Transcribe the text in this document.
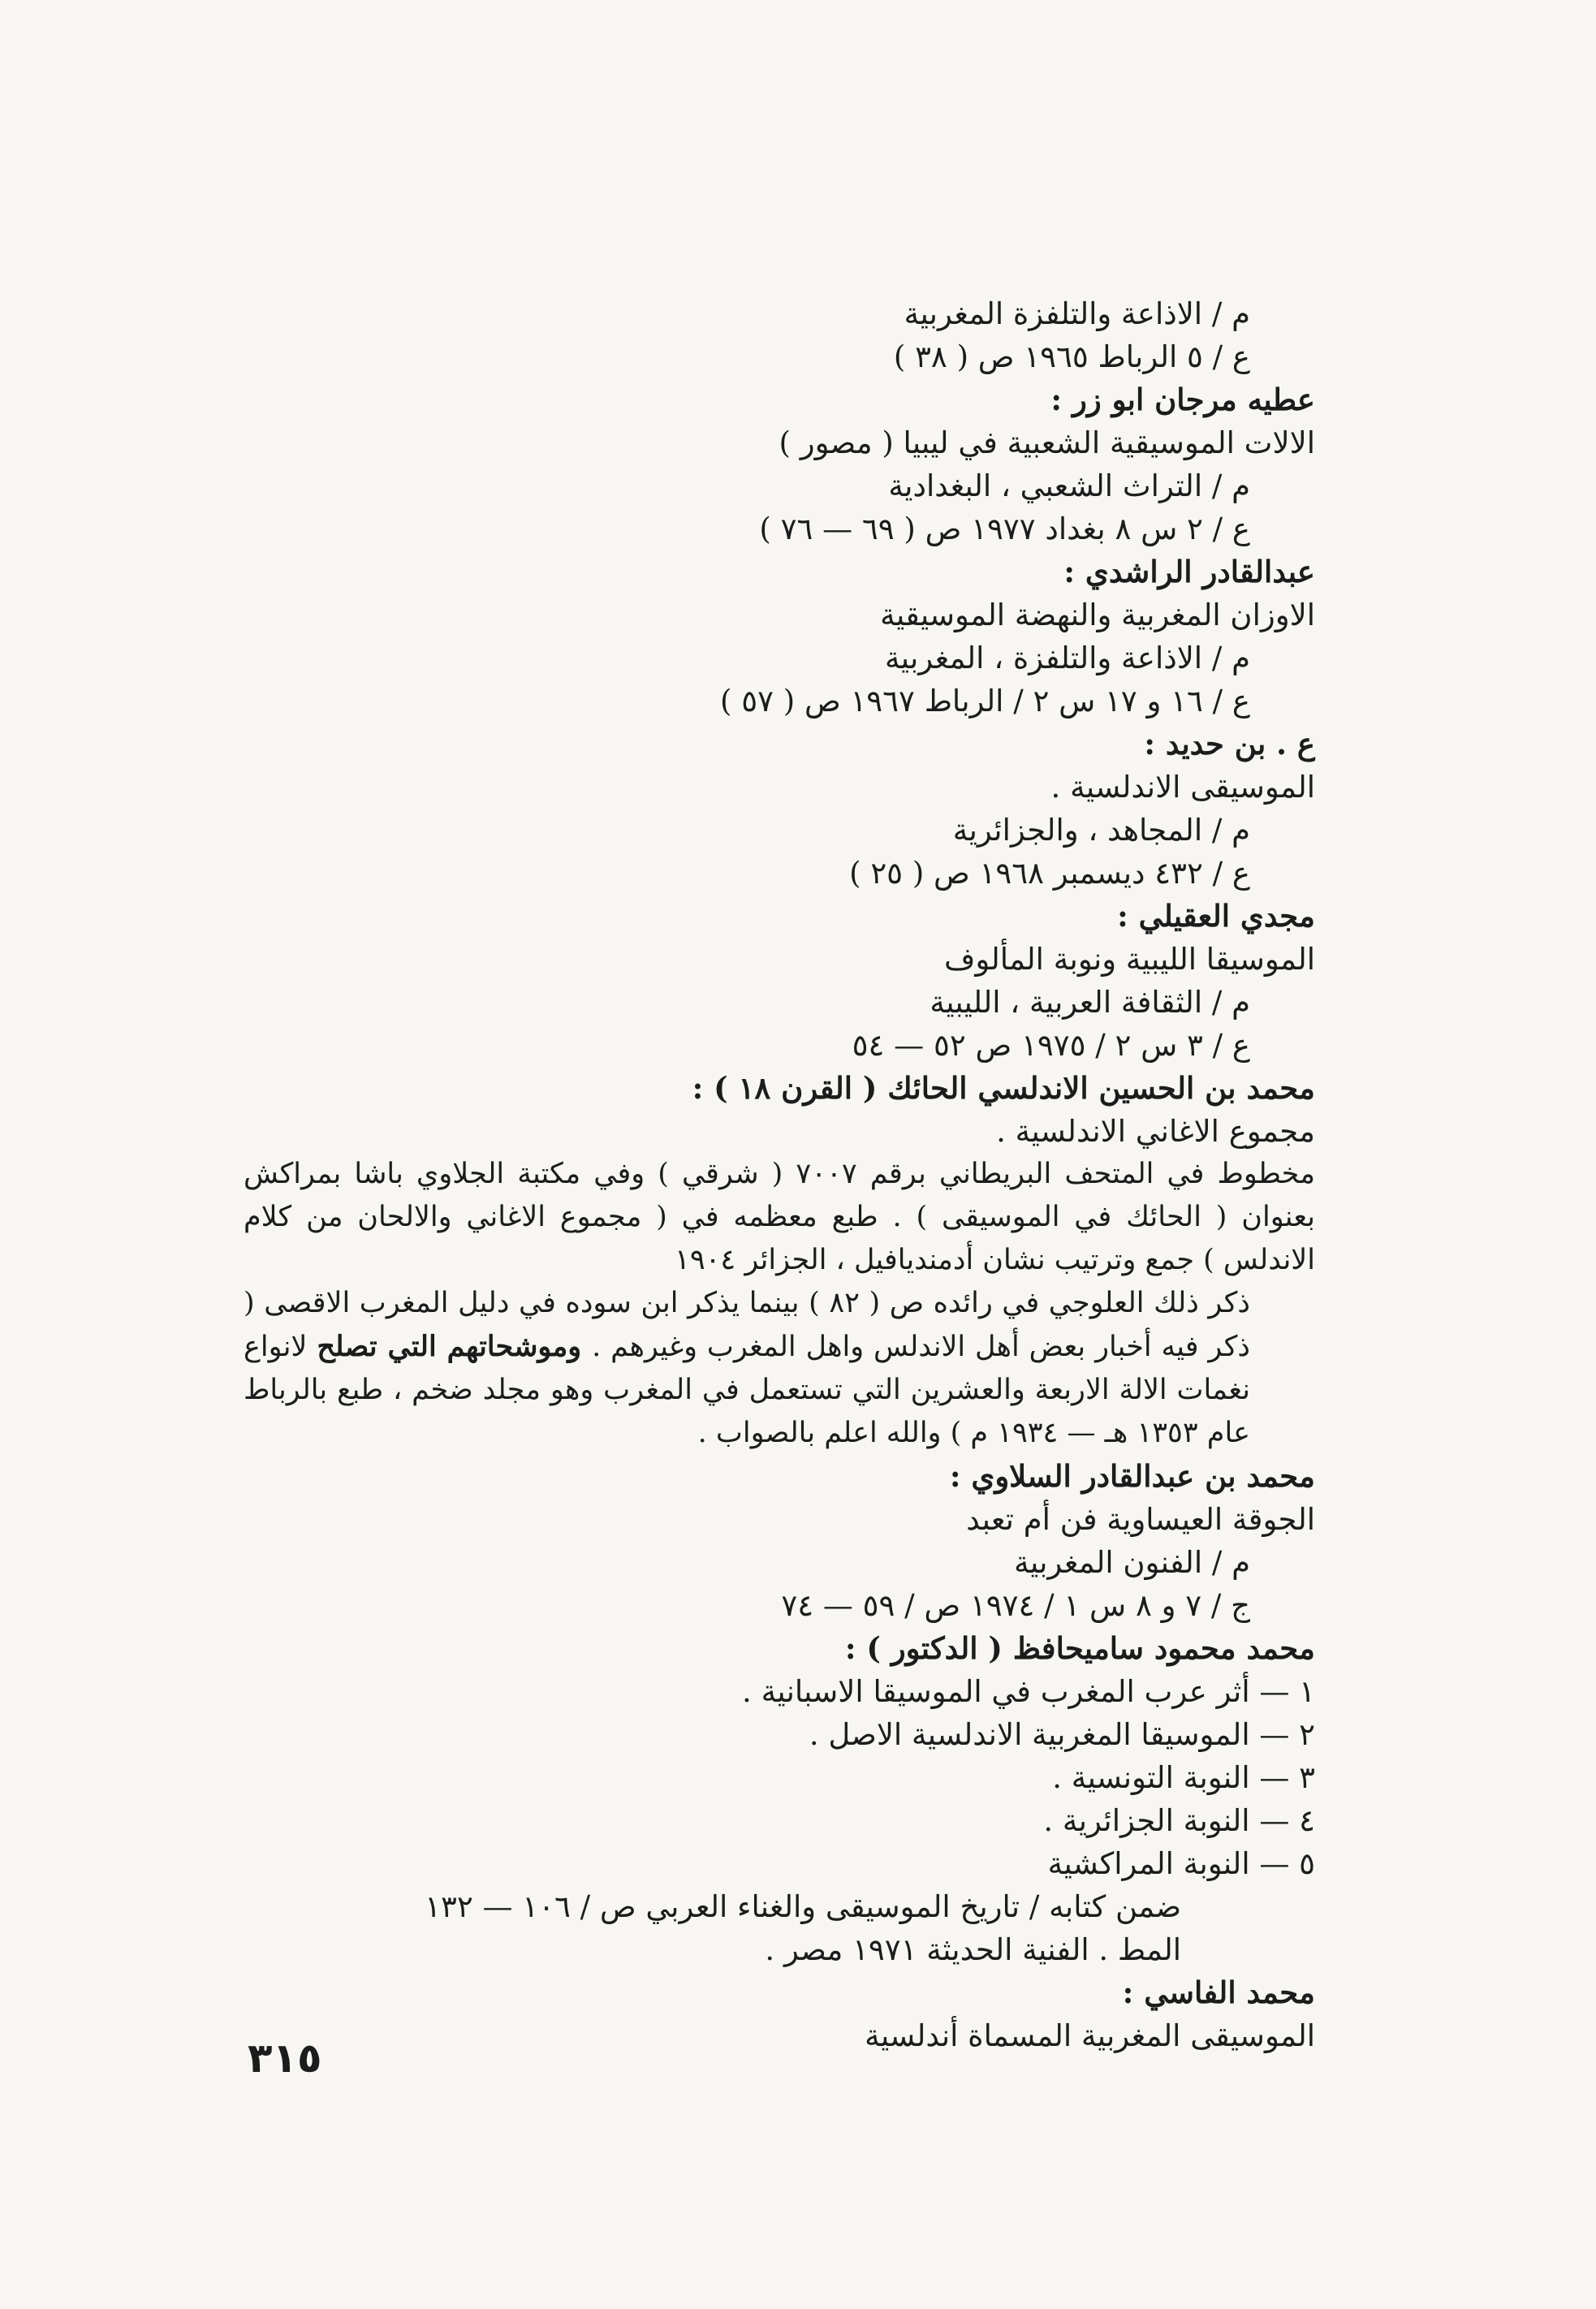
م / الاذاعة والتلفزة المغربية
ع / ٥ الرباط ١٩٦٥ ص ( ٣٨ )
عطيه مرجان ابو زر :
الالات الموسيقية الشعبية في ليبيا ( مصور )
م / التراث الشعبي ، البغدادية
ع / ٢ س ٨ بغداد ١٩٧٧ ص ( ٦٩ — ٧٦ )
عبدالقادر الراشدي :
الاوزان المغربية والنهضة الموسيقية
م / الاذاعة والتلفزة ، المغربية
ع / ١٦ و ١٧ س ٢ / الرباط ١٩٦٧ ص ( ٥٧ )
ع . بن حديد :
الموسيقى الاندلسية .
م / المجاهد ، والجزائرية
ع / ٤٣٢ ديسمبر ١٩٦٨ ص ( ٢٥ )
مجدي العقيلي :
الموسيقا الليبية ونوبة المألوف
م / الثقافة العربية ، الليبية
ع / ٣ س ٢ / ١٩٧٥ ص ٥٢ — ٥٤
محمد بن الحسين الاندلسي الحائك ( القرن ١٨ ) :
مجموع الاغاني الاندلسية .
مخطوط في المتحف البريطاني برقم ٧٠٠٧ ( شرقي ) وفي مكتبة الجلاوي باشا بمراكش بعنوان ( الحائك في الموسيقى ) . طبع معظمه في ( مجموع الاغاني والالحان من كلام الاندلس ) جمع وترتيب نشان أدمنديافيل ، الجزائر ١٩٠٤
ذكر ذلك العلوجي في رائده ص ( ٨٢ ) بينما يذكر ابن سوده في دليل المغرب الاقصى ( ذكر فيه أخبار بعض أهل الاندلس واهل المغرب وغيرهم . وموشحاتهم التي تصلح لانواع نغمات الالة الاربعة والعشرين التي تستعمل في المغرب وهو مجلد ضخم ، طبع بالرباط عام ١٣٥٣ هـ — ١٩٣٤ م ) والله اعلم بالصواب .
محمد بن عبدالقادر السلاوي :
الجوقة العيساوية فن أم تعبد
م / الفنون المغربية
ج / ٧ و ٨ س ١ / ١٩٧٤ ص / ٥٩ — ٧٤
محمد محمود ساميحافظ ( الدكتور ) :
١ — أثر عرب المغرب في الموسيقا الاسبانية .
٢ — الموسيقا المغربية الاندلسية الاصل .
٣ — النوبة التونسية .
٤ — النوبة الجزائرية .
٥ — النوبة المراكشية
ضمن كتابه / تاريخ الموسيقى والغناء العربي ص / ١٠٦ — ١٣٢
المط . الفنية الحديثة ١٩٧١ مصر .
محمد الفاسي :
الموسيقى المغربية المسماة أندلسية
٣١٥
